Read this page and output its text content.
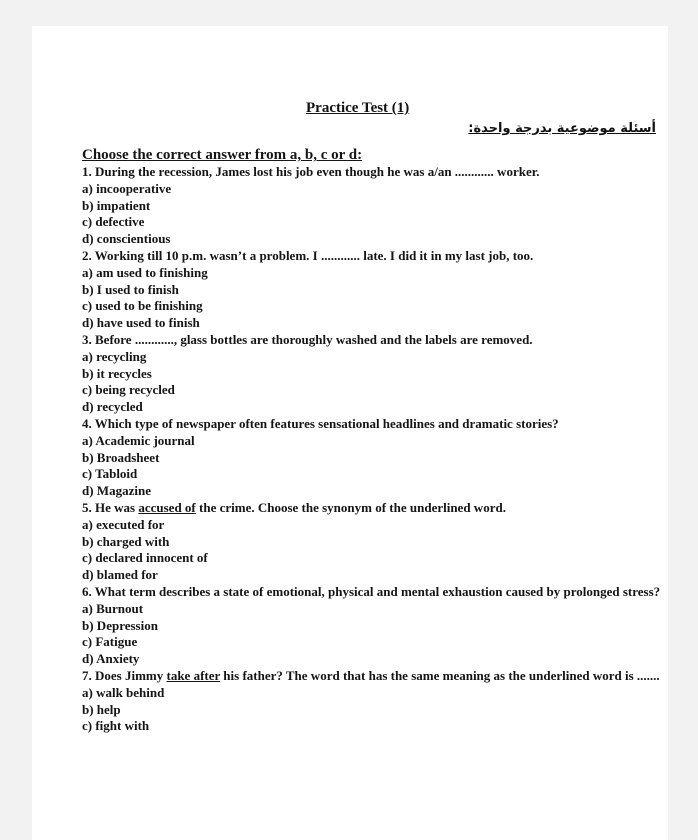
Practice Test (1)
أسئلة موضوعية بدرجة واحدة:
Choose the correct answer from a, b, c or d:
1. During the recession, James lost his job even though he was a/an ............ worker.
a) incooperative
b) impatient
c) defective
d) conscientious
2. Working till 10 p.m. wasn’t a problem. I ............ late. I did it in my last job, too.
a) am used to finishing
b) I used to finish
c) used to be finishing
d) have used to finish
3. Before ............, glass bottles are thoroughly washed and the labels are removed.
a) recycling
b) it recycles
c) being recycled
d) recycled
4. Which type of newspaper often features sensational headlines and dramatic stories?
a) Academic journal
b) Broadsheet
c) Tabloid
d) Magazine
5. He was accused of the crime. Choose the synonym of the underlined word.
a) executed for
b) charged with
c) declared innocent of
d) blamed for
6. What term describes a state of emotional, physical and mental exhaustion caused by prolonged stress?
a) Burnout
b) Depression
c) Fatigue
d) Anxiety
7. Does Jimmy take after his father? The word that has the same meaning as the underlined word is .......
a) walk behind
b) help
c) fight with
